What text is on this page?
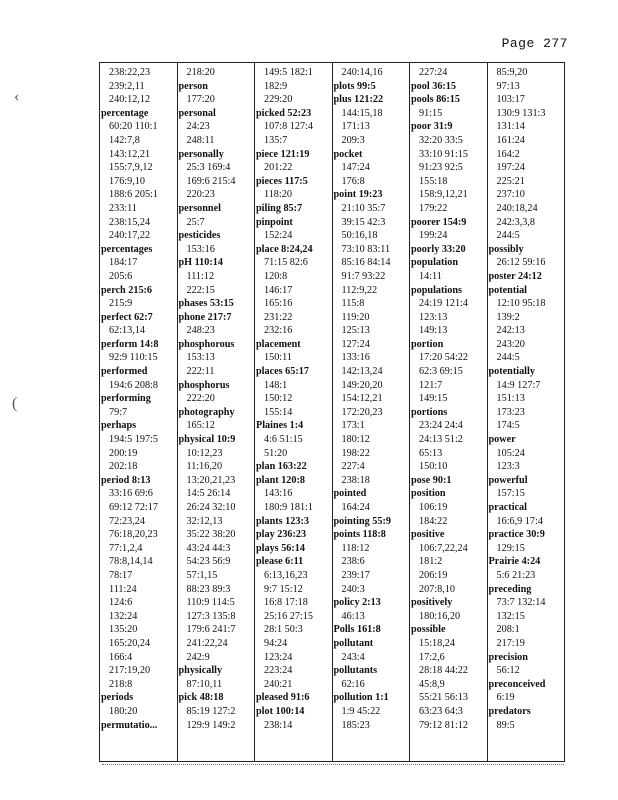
Page 277
‹
(
238:22,23
239:2,11
240:12,12
percentage
60:20 110:1
142:7,8
143:12,21
155:7,9,12
176:9,10
188:6 205:1
233:11
238:15,24
240:17,22
percentages
184:17
205:6
perch 215:6
215:9
perfect 62:7
62:13,14
perform 14:8
92:9 110:15
performed
194:6 208:8
performing
79:7
perhaps
194:5 197:5
200:19
202:18
period 8:13
33:16 69:6
69:12 72:17
72:23,24
76:18,20,23
77:1,2,4
78:8,14,14
78:17
111:24
124:6
132:24
135:20
165:20,24
166:4
217:19,20
218:8
periods
180:20
permutatio...
218:20
person
177:20
personal
24:23
248:11
personally
25:3 169:4
169:6 215:4
220:23
personnel
25:7
pesticides
153:16
pH 110:14
111:12
222:15
phases 53:15
phone 217:7
248:23
phosphorous
153:13
222:11
phosphorus
222:20
photography
165:12
physical 10:9
10:12,23
11:16,20
13:20,21,23
14:5 26:14
26:24 32:10
32:12,13
35:22 38:20
43:24 44:3
54:23 56:9
57:1,15
88:23 89:3
110:9 114:5
127:3 135:8
179:6 241:7
241:22,24
242:9
physically
87:10,11
pick 48:18
85:19 127:2
129:9 149:2
149:5 182:1
182:9
229:20
picked 52:23
107:8 127:4
135:7
piece 121:19
201:22
pieces 117:5
118:20
piling 85:7
pinpoint
152:24
place 8:24,24
71:15 82:6
120:8
146:17
165:16
231:22
232:16
placement
150:11
places 65:17
148:1
150:12
155:14
Plaines 1:4
4:6 51:15
51:20
plan 163:22
plant 120:8
143:16
180:9 181:1
plants 123:3
play 236:23
plays 56:14
please 6:11
6:13,16,23
9:7 15:12
16:8 17:18
25:16 27:15
28:1 50:3
94:24
123:24
223:24
240:21
pleased 91:6
plot 100:14
238:14
240:14,16
plots 99:5
plus 121:22
144:15,18
171:13
209:3
pocket
147:24
176:8
point 19:23
21:10 35:7
39:15 42:3
50:16,18
73:10 83:11
85:16 84:14
91:7 93:22
112:9,22
115:8
119:20
125:13
127:24
133:16
142:13,24
149:20,20
154:12,21
172:20,23
173:1
180:12
198:22
227:4
238:18
pointed
164:24
pointing 55:9
points 118:8
118:12
238:6
239:17
240:3
policy 2:13
46:13
Polls 161:8
pollutant
243:4
pollutants
62:16
pollution 1:1
1:9 45:22
185:23
227:24
pool 36:15
pools 86:15
91:15
poor 31:9
32:20 33:5
33:10 91:15
91:23 92:5
155:18
158:9,12,21
179:22
poorer 154:9
199:24
poorly 33:20
population
14:11
populations
24:19 121:4
123:13
149:13
portion
17:20 54:22
62:3 69:15
121:7
149:15
portions
23:24 24:4
24:13 51:2
65:13
150:10
pose 90:1
position
106:19
184:22
positive
106:7,22,24
181:2
206:19
207:8,10
positively
180:16,20
possible
15:18,24
17:2,6
28:18 44:22
45:8,9
55:21 56:13
63:23 64:3
79:12 81:12
85:9,20
97:13
103:17
130:9 131:3
131:14
161:24
164:2
197:24
225:21
237:10
240:18,24
242:3,3,8
244:5
possibly
26:12 59:16
poster 24:12
potential
12:10 95:18
139:2
242:13
243:20
244:5
potentially
14:9 127:7
151:13
173:23
174:5
power
105:24
123:3
powerful
157:15
practical
16:6,9 17:4
practice 30:9
129:15
Prairie 4:24
5:6 21:23
preceding
73:7 132:14
132:15
208:1
217:19
precision
56:12
preconceived
6:19
predators
89:5
